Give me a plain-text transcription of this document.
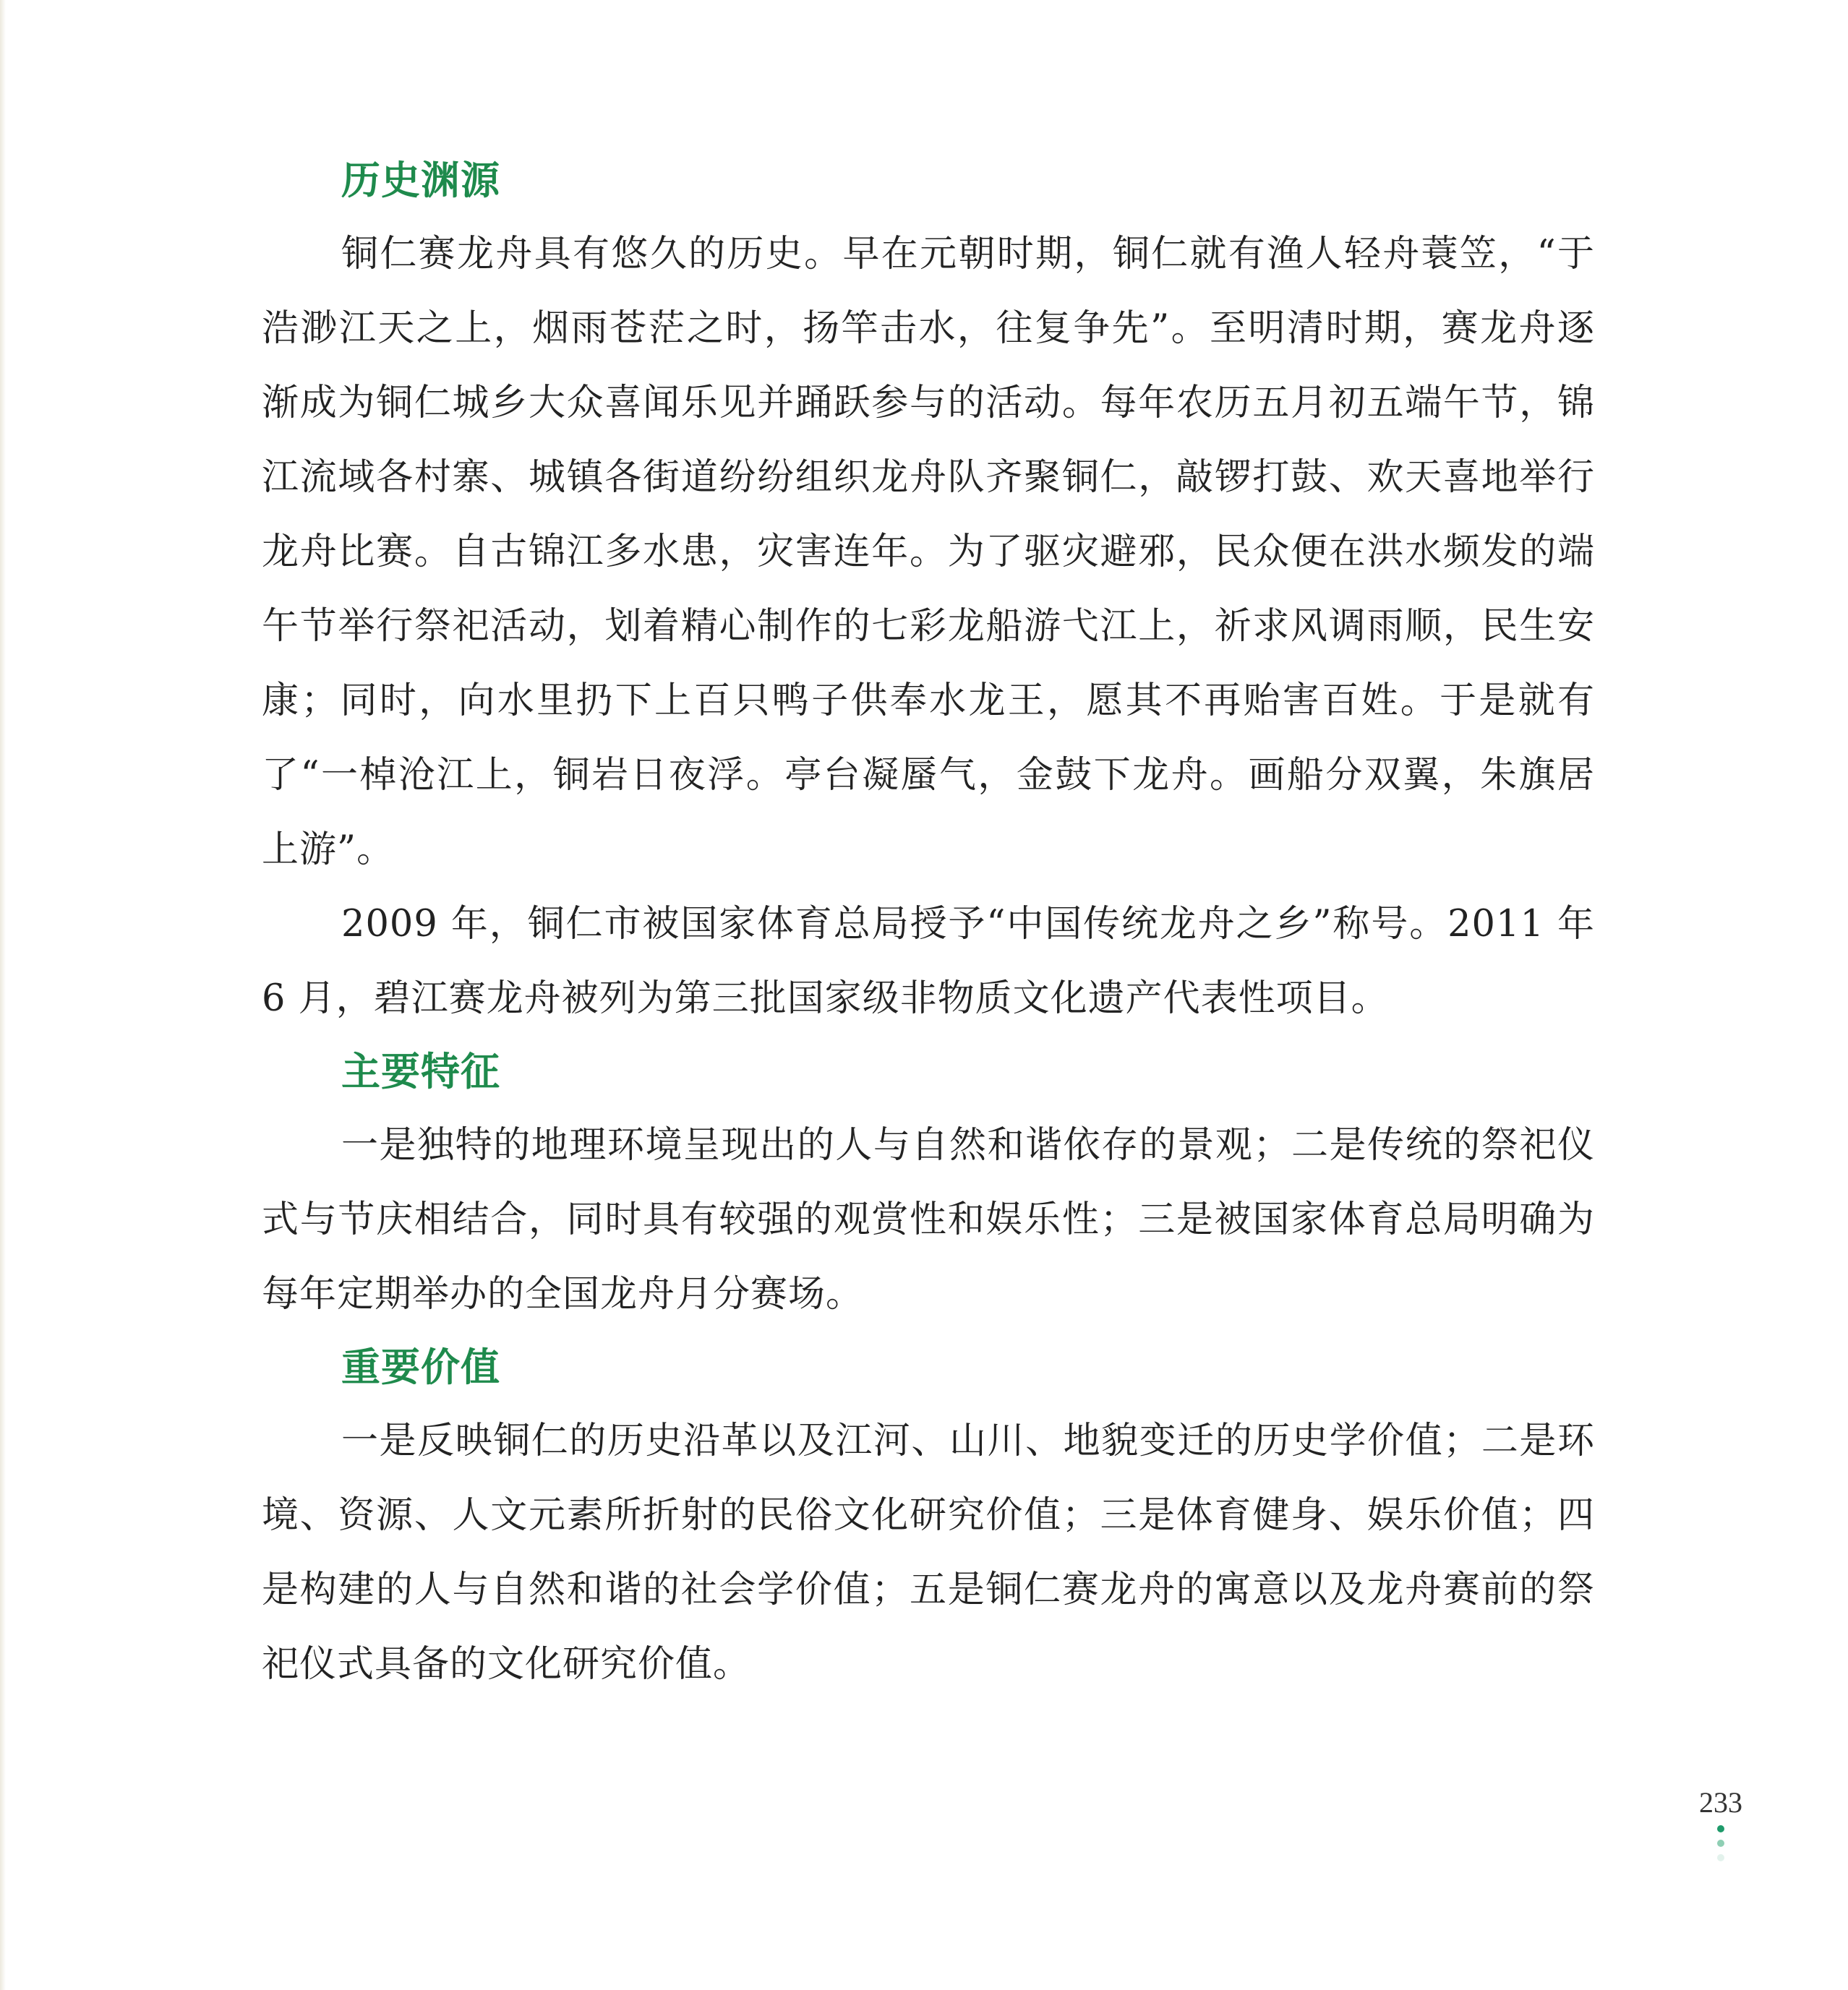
历史渊源

铜仁赛龙舟具有悠久的历史。早在元朝时期，铜仁就有渔人轻舟蓑笠，“于浩渺江天之上，烟雨苍茫之时，扬竿击水，往复争先”。至明清时期，赛龙舟逐渐成为铜仁城乡大众喜闻乐见并踊跃参与的活动。每年农历五月初五端午节，锦江流域各村寨、城镇各街道纷纷组织龙舟队齐聚铜仁，敲锣打鼓、欢天喜地举行龙舟比赛。自古锦江多水患，灾害连年。为了驱灾避邪，民众便在洪水频发的端午节举行祭祀活动，划着精心制作的七彩龙船游弋江上，祈求风调雨顺，民生安康；同时，向水里扔下上百只鸭子供奉水龙王，愿其不再贻害百姓。于是就有了“一棹沧江上，铜岩日夜浮。亭台凝蜃气，金鼓下龙舟。画船分双翼，朱旗居上游”。

2009 年，铜仁市被国家体育总局授予“中国传统龙舟之乡”称号。2011 年 6 月，碧江赛龙舟被列为第三批国家级非物质文化遗产代表性项目。

主要特征

一是独特的地理环境呈现出的人与自然和谐依存的景观；二是传统的祭祀仪式与节庆相结合，同时具有较强的观赏性和娱乐性；三是被国家体育总局明确为每年定期举办的全国龙舟月分赛场。

重要价值

一是反映铜仁的历史沿革以及江河、山川、地貌变迁的历史学价值；二是环境、资源、人文元素所折射的民俗文化研究价值；三是体育健身、娱乐价值；四是构建的人与自然和谐的社会学价值；五是铜仁赛龙舟的寓意以及龙舟赛前的祭祀仪式具备的文化研究价值。

233
